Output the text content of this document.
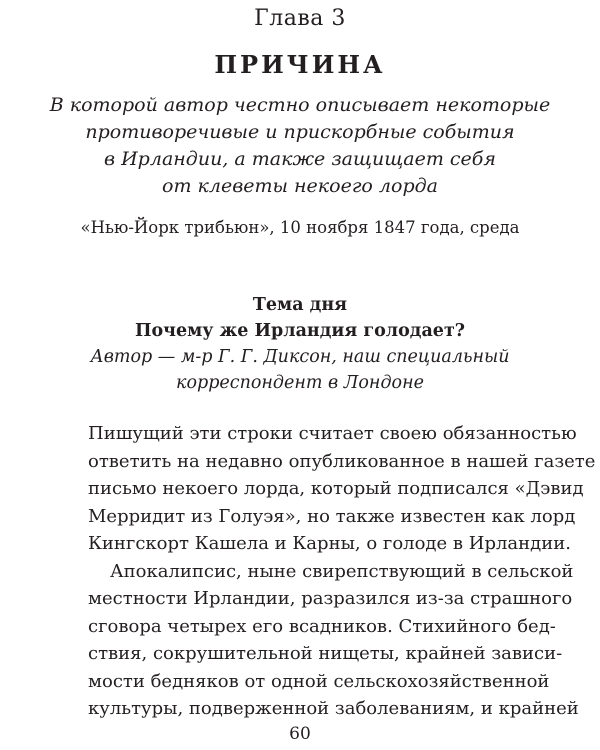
Глава 3
ПРИЧИНА
В которой автор честно описывает некоторые
противоречивые и прискорбные события
в Ирландии, а также защищает себя
от клеветы некоего лорда
«Нью-Йорк трибьюн», 10 ноября 1847 года, среда
Тема дня
Почему же Ирландия голодает?
Автор — м-р Г. Г. Диксон, наш специальный
корреспондент в Лондоне
Пишущий эти строки считает своею обязанностью
ответить на недавно опубликованное в нашей газете
письмо некоего лорда, который подписался «Дэвид
Мерридит из Голуэя», но также известен как лорд
Кингскорт Кашела и Карны, о голоде в Ирландии.
Апокалипсис, ныне свирепствующий в сельской
местности Ирландии, разразился из-за страшного
сговора четырех его всадников. Стихийного бед-
ствия, сокрушительной нищеты, крайней зависи-
мости бедняков от одной сельскохозяйственной
культуры, подверженной заболеваниям, и крайней
60
